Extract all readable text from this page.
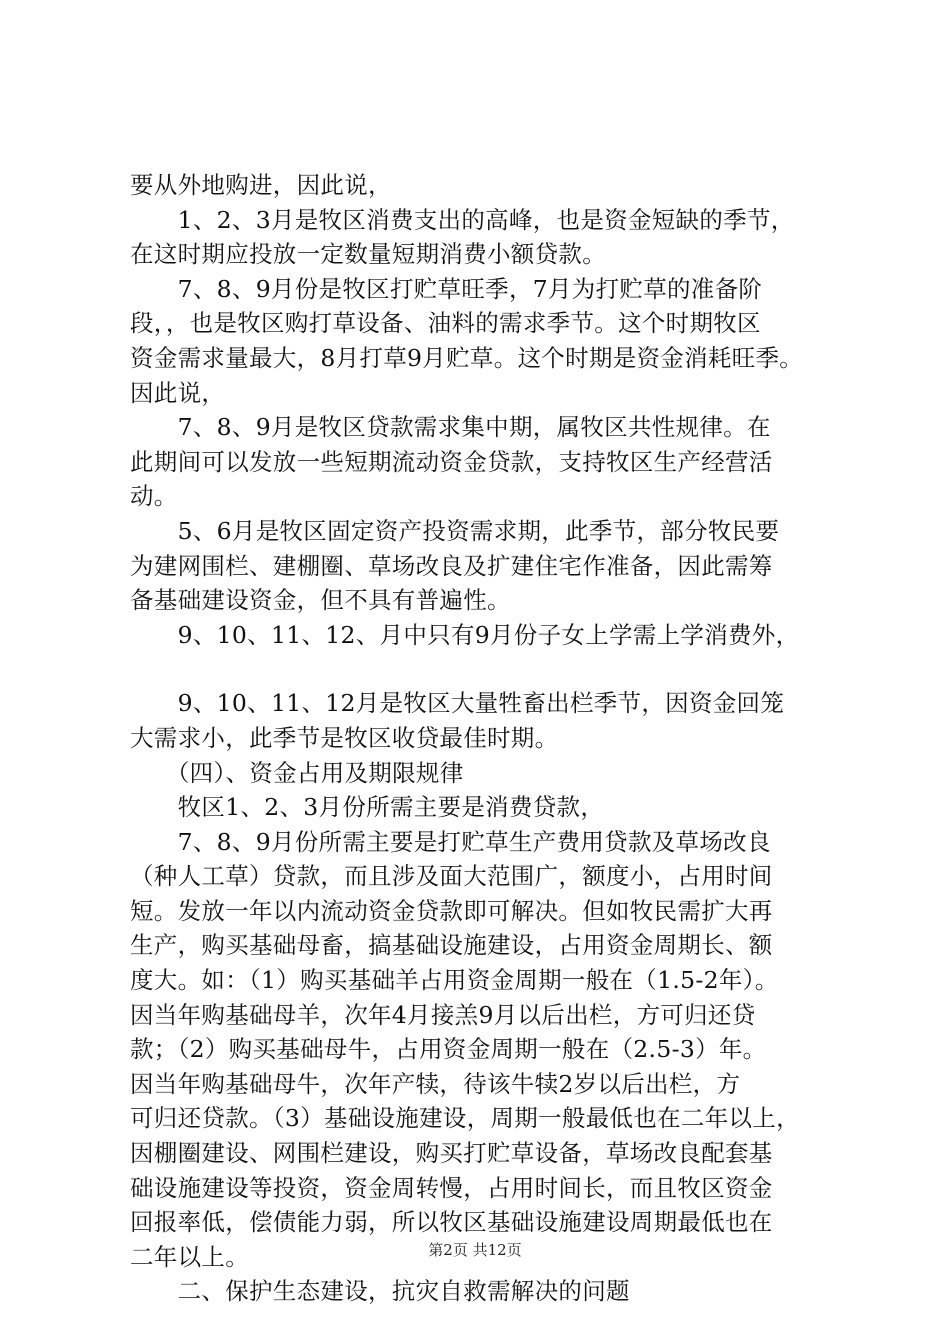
要从外地购进，因此说，

　　1、2、3月是牧区消费支出的高峰，也是资金短缺的季节，
在这时期应投放一定数量短期消费小额贷款。

　　7、8、9月份是牧区打贮草旺季，7月为打贮草的准备阶
段，，也是牧区购打草设备、油料的需求季节。这个时期牧区
资金需求量最大，8月打草9月贮草。这个时期是资金消耗旺季。
因此说，

　　7、8、9月是牧区贷款需求集中期，属牧区共性规律。在
此期间可以发放一些短期流动资金贷款，支持牧区生产经营活
动。

　　5、6月是牧区固定资产投资需求期，此季节，部分牧民要
为建网围栏、建棚圈、草场改良及扩建住宅作准备，因此需筹
备基础建设资金，但不具有普遍性。

　　9、10、11、12、月中只有9月份子女上学需上学消费外，

　　9、10、11、12月是牧区大量牲畜出栏季节，因资金回笼
大需求小，此季节是牧区收贷最佳时期。

　　（四）、资金占用及期限规律

　　牧区1、2、3月份所需主要是消费贷款，

　　7、8、9月份所需主要是打贮草生产费用贷款及草场改良
（种人工草）贷款，而且涉及面大范围广，额度小，占用时间
短。发放一年以内流动资金贷款即可解决。但如牧民需扩大再
生产，购买基础母畜，搞基础设施建设，占用资金周期长、额
度大。如：（1）购买基础羊占用资金周期一般在（1.5-2年）。
因当年购基础母羊，次年4月接羔9月以后出栏，方可归还贷
款；（2）购买基础母牛，占用资金周期一般在（2.5-3）年。
因当年购基础母牛，次年产犊，待该牛犊2岁以后出栏，方
可归还贷款。（3）基础设施建设，周期一般最低也在二年以上，
因棚圈建设、网围栏建设，购买打贮草设备，草场改良配套基
础设施建设等投资，资金周转慢，占用时间长，而且牧区资金
回报率低，偿债能力弱，所以牧区基础设施建设周期最低也在
二年以上。

　　二、保护生态建设，抗灾自救需解决的问题

第2页 共12页
